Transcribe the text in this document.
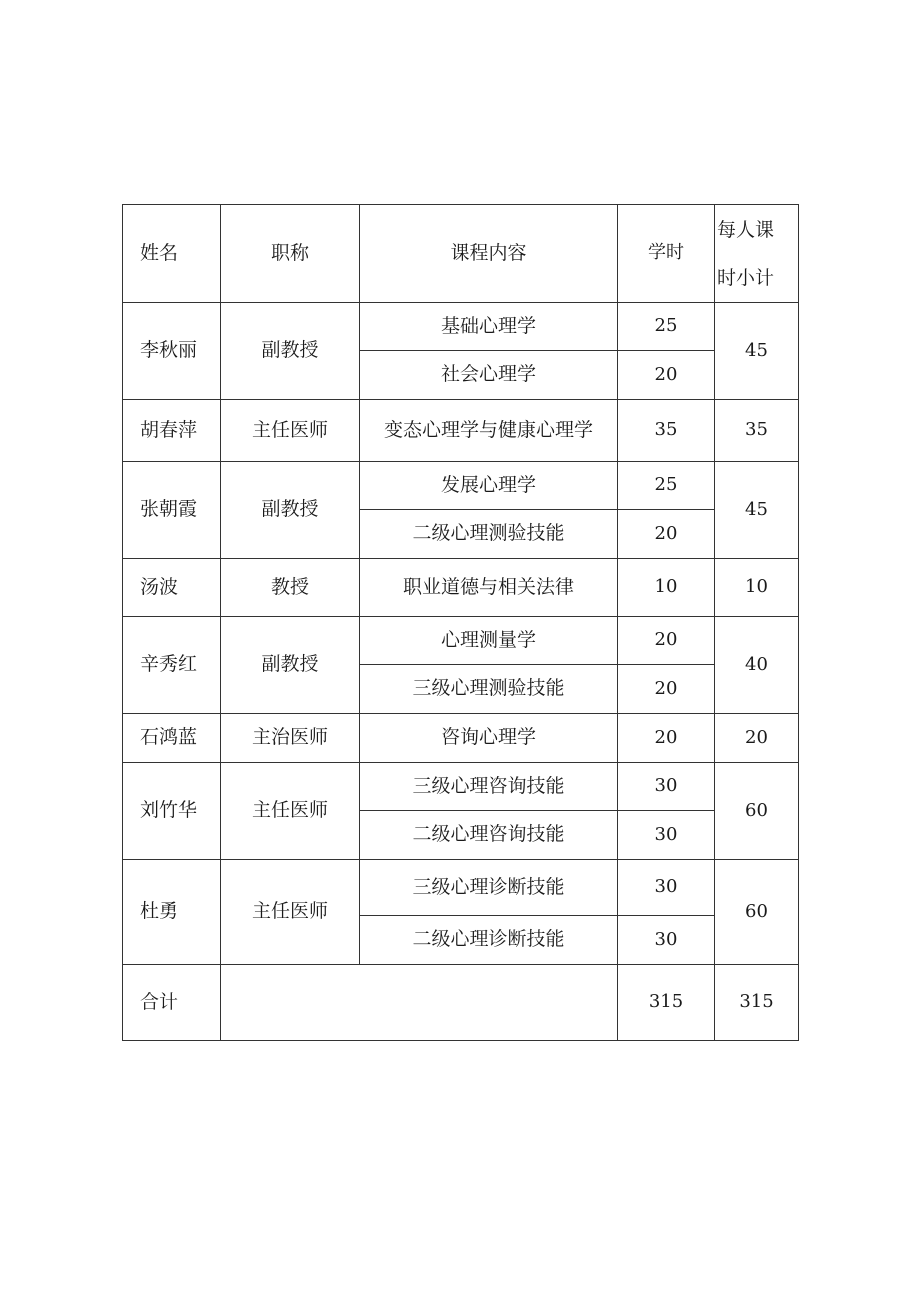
姓名	职称	课程内容	学时	每人课
时小计

李秋丽	副教授	基础心理学	25	45
		社会心理学	20	
胡春萍	主任医师	变态心理学与健康心理学	35	35
张朝霞	副教授	发展心理学	25	45
		二级心理测验技能	20	
汤波	教授	职业道德与相关法律	10	10
辛秀红	副教授	心理测量学	20	40
		三级心理测验技能	20	
石鸿蓝	主治医师	咨询心理学	20	20
刘竹华	主任医师	三级心理咨询技能	30	60
		二级心理咨询技能	30	
杜勇	主任医师	三级心理诊断技能	30	60
		二级心理诊断技能	30	
合计			315	315
